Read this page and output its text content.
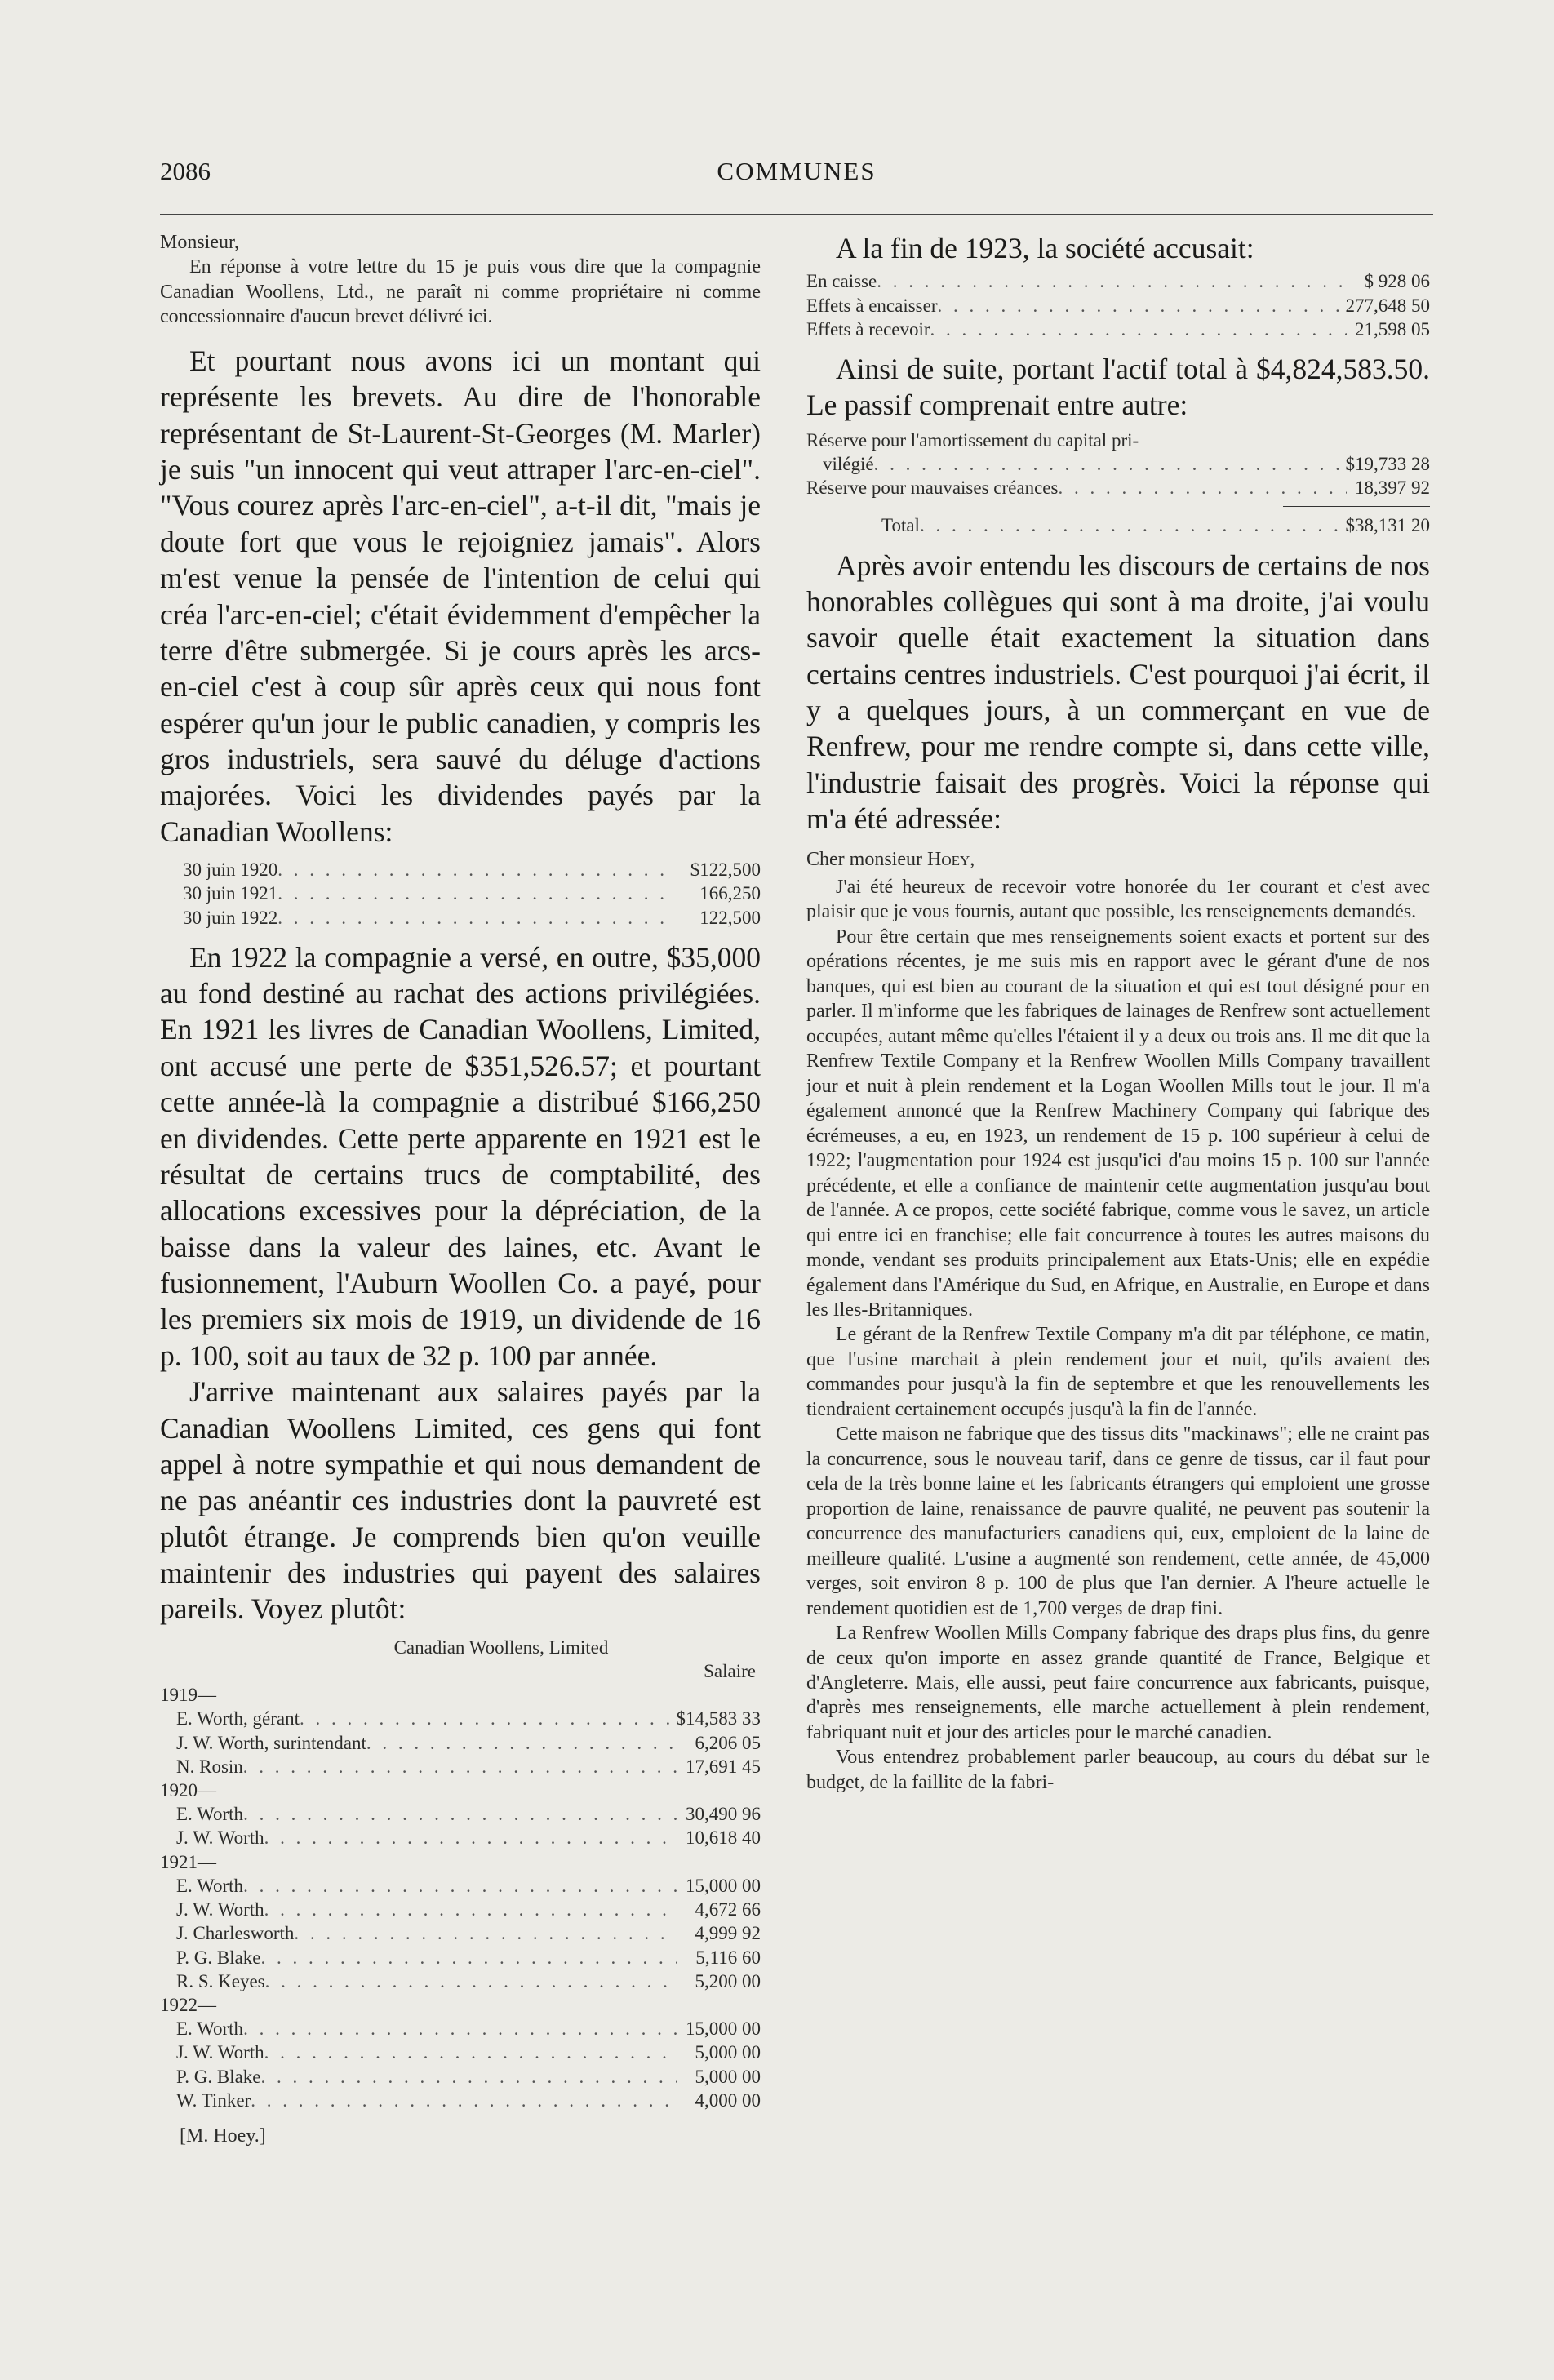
2086	COMMUNES

Monsieur,

En réponse à votre lettre du 15 je puis vous dire que la compagnie Canadian Woollens, Ltd., ne paraît ni comme propriétaire ni comme concessionnaire d'aucun brevet délivré ici.

Et pourtant nous avons ici un montant qui représente les brevets. Au dire de l'honorable représentant de St-Laurent-St-Georges (M. Marler) je suis "un innocent qui veut attraper l'arc-en-ciel". "Vous courez après l'arc-en-ciel", a-t-il dit, "mais je doute fort que vous le rejoigniez jamais". Alors m'est venue la pensée de l'intention de celui qui créa l'arc-en-ciel; c'était évidemment d'empêcher la terre d'être submergée. Si je cours après les arcs-en-ciel c'est à coup sûr après ceux qui nous font espérer qu'un jour le public canadien, y compris les gros industriels, sera sauvé du déluge d'actions majorées. Voici les dividendes payés par la Canadian Woollens:

30 juin 1920 . . .	$122,500
30 juin 1921 . . .	166,250
30 juin 1922 . . .	122,500

En 1922 la compagnie a versé, en outre, $35,000 au fond destiné au rachat des actions privilégiées. En 1921 les livres de Canadian Woollens, Limited, ont accusé une perte de $351,526.57; et pourtant cette année-là la compagnie a distribué $166,250 en dividendes. Cette perte apparente en 1921 est le résultat de certains trucs de comptabilité, des allocations excessives pour la dépréciation, de la baisse dans la valeur des laines, etc. Avant le fusionnement, l'Auburn Woollen Co. a payé, pour les premiers six mois de 1919, un dividende de 16 p. 100, soit au taux de 32 p. 100 par année.

J'arrive maintenant aux salaires payés par la Canadian Woollens Limited, ces gens qui font appel à notre sympathie et qui nous demandent de ne pas anéantir ces industries dont la pauvreté est plutôt étrange. Je comprends bien qu'on veuille maintenir des industries qui payent des salaires pareils. Voyez plutôt:

Canadian Woollens, Limited
Salaire
1919—
E. Worth, gérant . . .	$14,583 33
J. W. Worth, surintendant . . .	6,206 05
N. Rosin . . .	17,691 45
1920—
E. Worth . . .	30,490 96
J. W. Worth . . .	10,618 40
1921—
E. Worth . . .	15,000 00
J. W. Worth . . .	4,672 66
J. Charlesworth . . .	4,999 92
P. G. Blake . . .	5,116 60
R. S. Keyes . . .	5,200 00
1922—
E. Worth . . .	15,000 00
J. W. Worth . . .	5,000 00
P. G. Blake . . .	5,000 00
W. Tinker . . .	4,000 00

[M. Hoey.]

A la fin de 1923, la société accusait:

En caisse . . .	$ 928 06
Effets à encaisser . . .	277,648 50
Effets à recevoir . . .	21,598 05

Ainsi de suite, portant l'actif total à $4,824,583.50. Le passif comprenait entre autre:

Réserve pour l'amortissement du capital pri-
vilégié . . .	$19,733 28
Réserve pour mauvaises créances . . .	18,397 92
Total . . .	$38,131 20

Après avoir entendu les discours de certains de nos honorables collègues qui sont à ma droite, j'ai voulu savoir quelle était exactement la situation dans certains centres industriels. C'est pourquoi j'ai écrit, il y a quelques jours, à un commerçant en vue de Renfrew, pour me rendre compte si, dans cette ville, l'industrie faisait des progrès. Voici la réponse qui m'a été adressée:

Cher monsieur Hoey,

J'ai été heureux de recevoir votre honorée du 1er courant et c'est avec plaisir que je vous fournis, autant que possible, les renseignements demandés.

Pour être certain que mes renseignements soient exacts et portent sur des opérations récentes, je me suis mis en rapport avec le gérant d'une de nos banques, qui est bien au courant de la situation et qui est tout désigné pour en parler. Il m'informe que les fabriques de lainages de Renfrew sont actuellement occupées, autant même qu'elles l'étaient il y a deux ou trois ans. Il me dit que la Renfrew Textile Company et la Renfrew Woollen Mills Company travaillent jour et nuit à plein rendement et la Logan Woollen Mills tout le jour. Il m'a également annoncé que la Renfrew Machinery Company qui fabrique des écrémeuses, a eu, en 1923, un rendement de 15 p. 100 supérieur à celui de 1922; l'augmentation pour 1924 est jusqu'ici d'au moins 15 p. 100 sur l'année précédente, et elle a confiance de maintenir cette augmentation jusqu'au bout de l'année. A ce propos, cette société fabrique, comme vous le savez, un article qui entre ici en franchise; elle fait concurrence à toutes les autres maisons du monde, vendant ses produits principalement aux Etats-Unis; elle en expédie également dans l'Amérique du Sud, en Afrique, en Australie, en Europe et dans les Iles-Britanniques.

Le gérant de la Renfrew Textile Company m'a dit par téléphone, ce matin, que l'usine marchait à plein rendement jour et nuit, qu'ils avaient des commandes pour jusqu'à la fin de septembre et que les renouvellements les tiendraient certainement occupés jusqu'à la fin de l'année.

Cette maison ne fabrique que des tissus dits "mackinaws"; elle ne craint pas la concurrence, sous le nouveau tarif, dans ce genre de tissus, car il faut pour cela de la très bonne laine et les fabricants étrangers qui emploient une grosse proportion de laine, renaissance de pauvre qualité, ne peuvent pas soutenir la concurrence des manufacturiers canadiens qui, eux, emploient de la laine de meilleure qualité. L'usine a augmenté son rendement, cette année, de 45,000 verges, soit environ 8 p. 100 de plus que l'an dernier. A l'heure actuelle le rendement quotidien est de 1,700 verges de drap fini.

La Renfrew Woollen Mills Company fabrique des draps plus fins, du genre de ceux qu'on importe en assez grande quantité de France, Belgique et d'Angleterre. Mais, elle aussi, peut faire concurrence aux fabricants, puisque, d'après mes renseignements, elle marche actuellement à plein rendement, fabriquant nuit et jour des articles pour le marché canadien.

Vous entendrez probablement parler beaucoup, au cours du débat sur le budget, de la faillite de la fabri-
